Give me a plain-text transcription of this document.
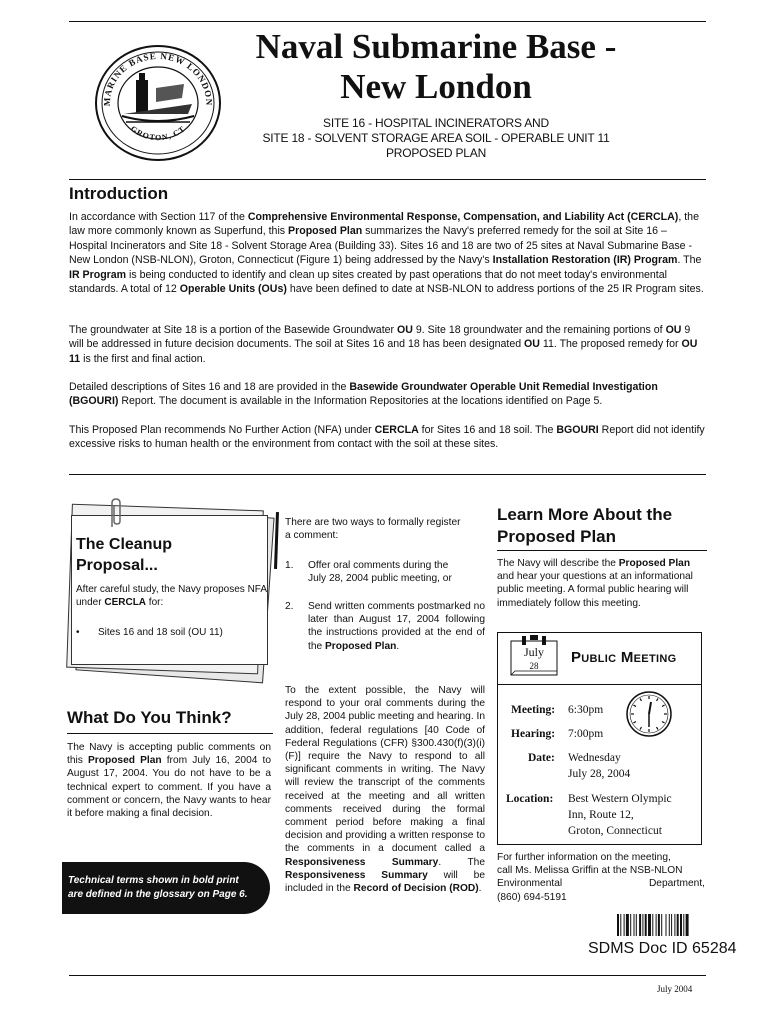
MARINE BASE NEW LONDON
GROTON, CT
Naval Submarine Base -
New London
SITE 16 - HOSPITAL INCINERATORS AND
SITE 18 - SOLVENT STORAGE AREA SOIL - OPERABLE UNIT 11
PROPOSED PLAN
Introduction
In accordance with Section 117 of the Comprehensive Environmental Response, Compensation, and Liability Act (CERCLA), the law more commonly known as Superfund, this Proposed Plan summarizes the Navy's preferred remedy for the soil at Site 16 – Hospital Incinerators and Site 18 - Solvent Storage Area (Building 33). Sites 16 and 18 are two of 25 sites at Naval Submarine Base - New London (NSB-NLON), Groton, Connecticut (Figure 1) being addressed by the Navy's Installation Restoration (IR) Program. The IR Program is being conducted to identify and clean up sites created by past operations that do not meet today's environmental standards. A total of 12 Operable Units (OUs) have been defined to date at NSB-NLON to address portions of the 25 IR Program sites.
The groundwater at Site 18 is a portion of the Basewide Groundwater OU 9. Site 18 groundwater and the remaining portions of OU 9 will be addressed in future decision documents. The soil at Sites 16 and 18 has been designated OU 11. The proposed remedy for OU 11 is the first and final action.
Detailed descriptions of Sites 16 and 18 are provided in the Basewide Groundwater Operable Unit Remedial Investigation (BGOURI) Report. The document is available in the Information Repositories at the locations identified on Page 5.
This Proposed Plan recommends No Further Action (NFA) under CERCLA for Sites 16 and 18 soil. The BGOURI Report did not identify excessive risks to human health or the environment from contact with the soil at these sites.
The Cleanup
Proposal...
After careful study, the Navy proposes NFA under CERCLA for:
• Sites 16 and 18 soil (OU 11)
What Do You Think?
The Navy is accepting public comments on this Proposed Plan from July 16, 2004 to August 17, 2004. You do not have to be a technical expert to comment. If you have a comment or concern, the Navy wants to hear it before making a final decision.
Technical terms shown in bold print
are defined in the glossary on Page 6.
There are two ways to formally register
a comment:
1. Offer oral comments during the
July 28, 2004 public meeting, or
2. Send written comments postmarked no later than August 17, 2004 following the instructions provided at the end of the Proposed Plan.
To the extent possible, the Navy will respond to your oral comments during the July 28, 2004 public meeting and hearing. In addition, federal regulations [40 Code of Federal Regulations (CFR) §300.430(f)(3)(i)(F)] require the Navy to respond to all significant comments in writing. The Navy will review the transcript of the comments received at the meeting and all written comments received during the formal comment period before making a final decision and providing a written response to the comments in a document called a Responsiveness Summary. The Responsiveness Summary will be included in the Record of Decision (ROD).
Learn More About the
Proposed Plan
The Navy will describe the Proposed Plan and hear your questions at an informational public meeting. A formal public hearing will immediately follow this meeting.
July
28	Public Meeting
Meeting: 6:30pm
Hearing: 7:00pm
Date: Wednesday
July 28, 2004
Location: Best Western Olympic
Inn, Route 12,
Groton, Connecticut
For further information on the meeting,
call Ms. Melissa Griffin at the NSB-NLON
Environmental	Department,
(860) 694-5191
SDMS Doc ID 65284
July 2004
